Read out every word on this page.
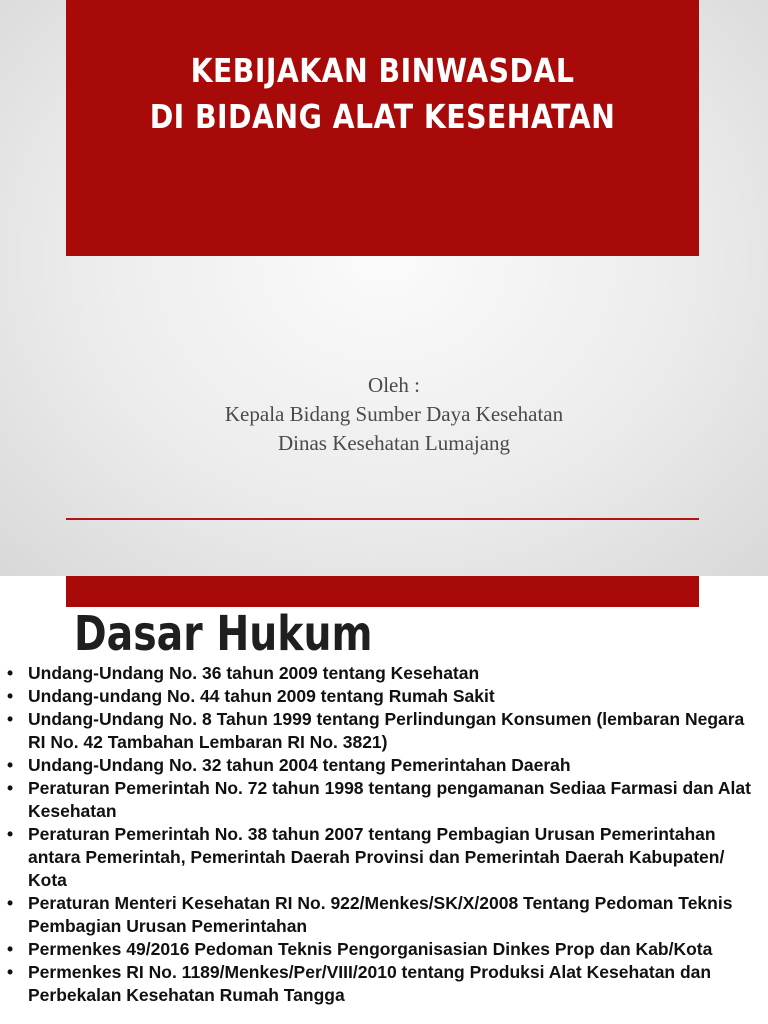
KEBIJAKAN BINWASDAL
DI BIDANG ALAT KESEHATAN
Oleh :
Kepala Bidang Sumber Daya Kesehatan
Dinas Kesehatan Lumajang
Dasar Hukum
• Undang-Undang No. 36 tahun 2009 tentang Kesehatan
• Undang-undang No. 44 tahun 2009 tentang Rumah Sakit
• Undang-Undang No. 8 Tahun 1999 tentang Perlindungan Konsumen (lembaran Negara RI No. 42 Tambahan Lembaran RI No. 3821)
• Undang-Undang No. 32 tahun 2004 tentang Pemerintahan Daerah
• Peraturan Pemerintah No. 72 tahun 1998 tentang pengamanan Sediaa Farmasi dan Alat Kesehatan
• Peraturan Pemerintah No. 38 tahun 2007 tentang Pembagian Urusan Pemerintahan antara Pemerintah, Pemerintah Daerah Provinsi dan Pemerintah Daerah Kabupaten/ Kota
• Peraturan Menteri Kesehatan RI No. 922/Menkes/SK/X/2008 Tentang Pedoman Teknis Pembagian Urusan Pemerintahan
• Permenkes 49/2016 Pedoman Teknis Pengorganisasian Dinkes Prop dan Kab/Kota
• Permenkes RI No. 1189/Menkes/Per/VIII/2010 tentang Produksi Alat Kesehatan dan Perbekalan Kesehatan Rumah Tangga
